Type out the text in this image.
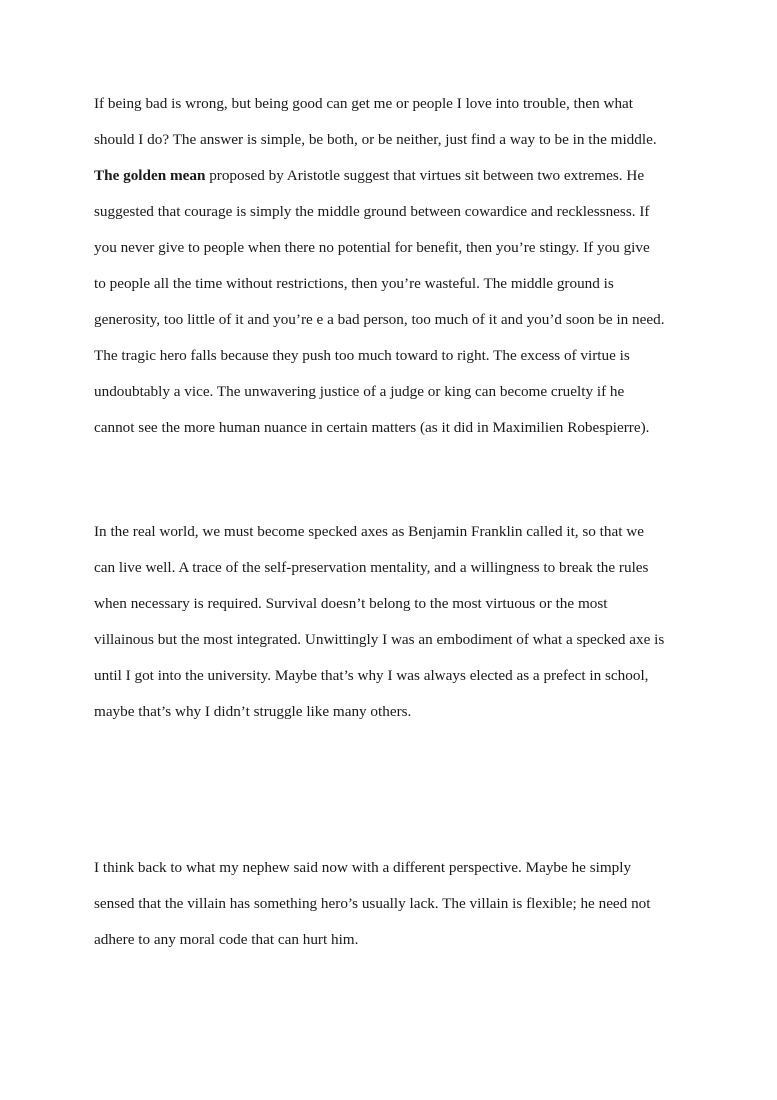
If being bad is wrong, but being good can get me or people I love into trouble, then what
should I do? The answer is simple, be both, or be neither, just find a way to be in the middle.
The golden mean proposed by Aristotle suggest that virtues sit between two extremes. He
suggested that courage is simply the middle ground between cowardice and recklessness. If
you never give to people when there no potential for benefit, then you’re stingy. If you give
to people all the time without restrictions, then you’re wasteful. The middle ground is
generosity, too little of it and you’re e a bad person, too much of it and you’d soon be in need.
The tragic hero falls because they push too much toward to right. The excess of virtue is
undoubtably a vice. The unwavering justice of a judge or king can become cruelty if he
cannot see the more human nuance in certain matters (as it did in Maximilien Robespierre).

In the real world, we must become specked axes as Benjamin Franklin called it, so that we
can live well. A trace of the self-preservation mentality, and a willingness to break the rules
when necessary is required. Survival doesn’t belong to the most virtuous or the most
villainous but the most integrated. Unwittingly I was an embodiment of what a specked axe is
until I got into the university. Maybe that’s why I was always elected as a prefect in school,
maybe that’s why I didn’t struggle like many others.

I think back to what my nephew said now with a different perspective. Maybe he simply
sensed that the villain has something hero’s usually lack. The villain is flexible; he need not
adhere to any moral code that can hurt him.
